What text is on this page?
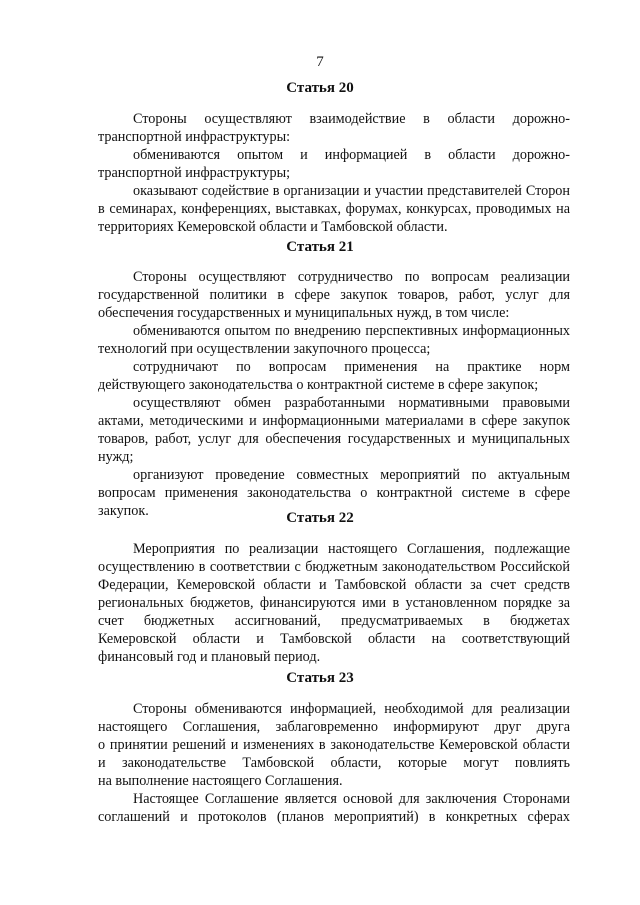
7
Статья 20
Стороны осуществляют взаимодействие в области дорожно-
транспортной инфраструктуры:
обмениваются опытом и информацией в области дорожно-
транспортной инфраструктуры;
оказывают содействие в организации и участии представителей Сторон
в семинарах, конференциях, выставках, форумах, конкурсах, проводимых на
территориях Кемеровской области и Тамбовской области.
Статья 21
Стороны осуществляют сотрудничество по вопросам реализации
государственной политики в сфере закупок товаров, работ, услуг для
обеспечения государственных и муниципальных нужд, в том числе:
обмениваются опытом по внедрению перспективных информационных
технологий при осуществлении закупочного процесса;
сотрудничают по вопросам применения на практике норм
действующего законодательства о контрактной системе в сфере закупок;
осуществляют обмен разработанными нормативными правовыми
актами, методическими и информационными материалами в сфере закупок
товаров, работ, услуг для обеспечения государственных и муниципальных
нужд;
организуют проведение совместных мероприятий по актуальным
вопросам применения законодательства о контрактной системе в сфере
закупок.	Статья 22
Мероприятия по реализации настоящего Соглашения, подлежащие
осуществлению в соответствии с бюджетным законодательством Российской
Федерации, Кемеровской области и Тамбовской области за счет средств
региональных бюджетов, финансируются ими в установленном порядке за
счет бюджетных ассигнований, предусматриваемых в бюджетах
Кемеровской области и Тамбовской области на соответствующий
финансовый год и плановый период.
Статья 23
Стороны обмениваются информацией, необходимой для реализации
настоящего Соглашения, заблаговременно информируют друг друга
о принятии решений и изменениях в законодательстве Кемеровской области
и законодательстве Тамбовской области, которые могут повлиять
на выполнение настоящего Соглашения.
Настоящее Соглашение является основой для заключения Сторонами
соглашений и протоколов (планов мероприятий) в конкретных сферах
